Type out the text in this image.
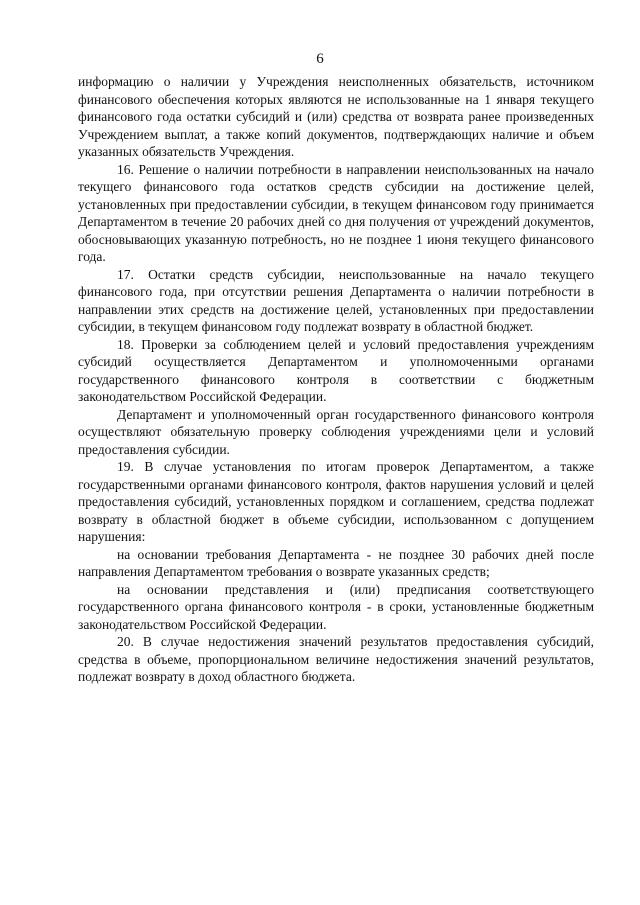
6

информацию о наличии у Учреждения неисполненных обязательств, источником финансового обеспечения которых являются не использованные на 1 января текущего финансового года остатки субсидий и (или) средства от возврата ранее произведенных Учреждением выплат, а также копий документов, подтверждающих наличие и объем указанных обязательств Учреждения.

16. Решение о наличии потребности в направлении неиспользованных на начало текущего финансового года остатков средств субсидии на достижение целей, установленных при предоставлении субсидии, в текущем финансовом году принимается Департаментом в течение 20 рабочих дней со дня получения от учреждений документов, обосновывающих указанную потребность, но не позднее 1 июня текущего финансового года.

17. Остатки средств субсидии, неиспользованные на начало текущего финансового года, при отсутствии решения Департамента о наличии потребности в направлении этих средств на достижение целей, установленных при предоставлении субсидии, в текущем финансовом году подлежат возврату в областной бюджет.

18. Проверки за соблюдением целей и условий предоставления учреждениям субсидий осуществляется Департаментом и уполномоченными органами государственного финансового контроля в соответствии с бюджетным законодательством Российской Федерации.

Департамент и уполномоченный орган государственного финансового контроля осуществляют обязательную проверку соблюдения учреждениями цели и условий предоставления субсидии.

19. В случае установления по итогам проверок Департаментом, а также государственными органами финансового контроля, фактов нарушения условий и целей предоставления субсидий, установленных порядком и соглашением, средства подлежат возврату в областной бюджет в объеме субсидии, использованном с допущением нарушения:

на основании требования Департамента - не позднее 30 рабочих дней после направления Департаментом требования о возврате указанных средств;

на основании представления и (или) предписания соответствующего государственного органа финансового контроля - в сроки, установленные бюджетным законодательством Российской Федерации.

20. В случае недостижения значений результатов предоставления субсидий, средства в объеме, пропорциональном величине недостижения значений результатов, подлежат возврату в доход областного бюджета.
